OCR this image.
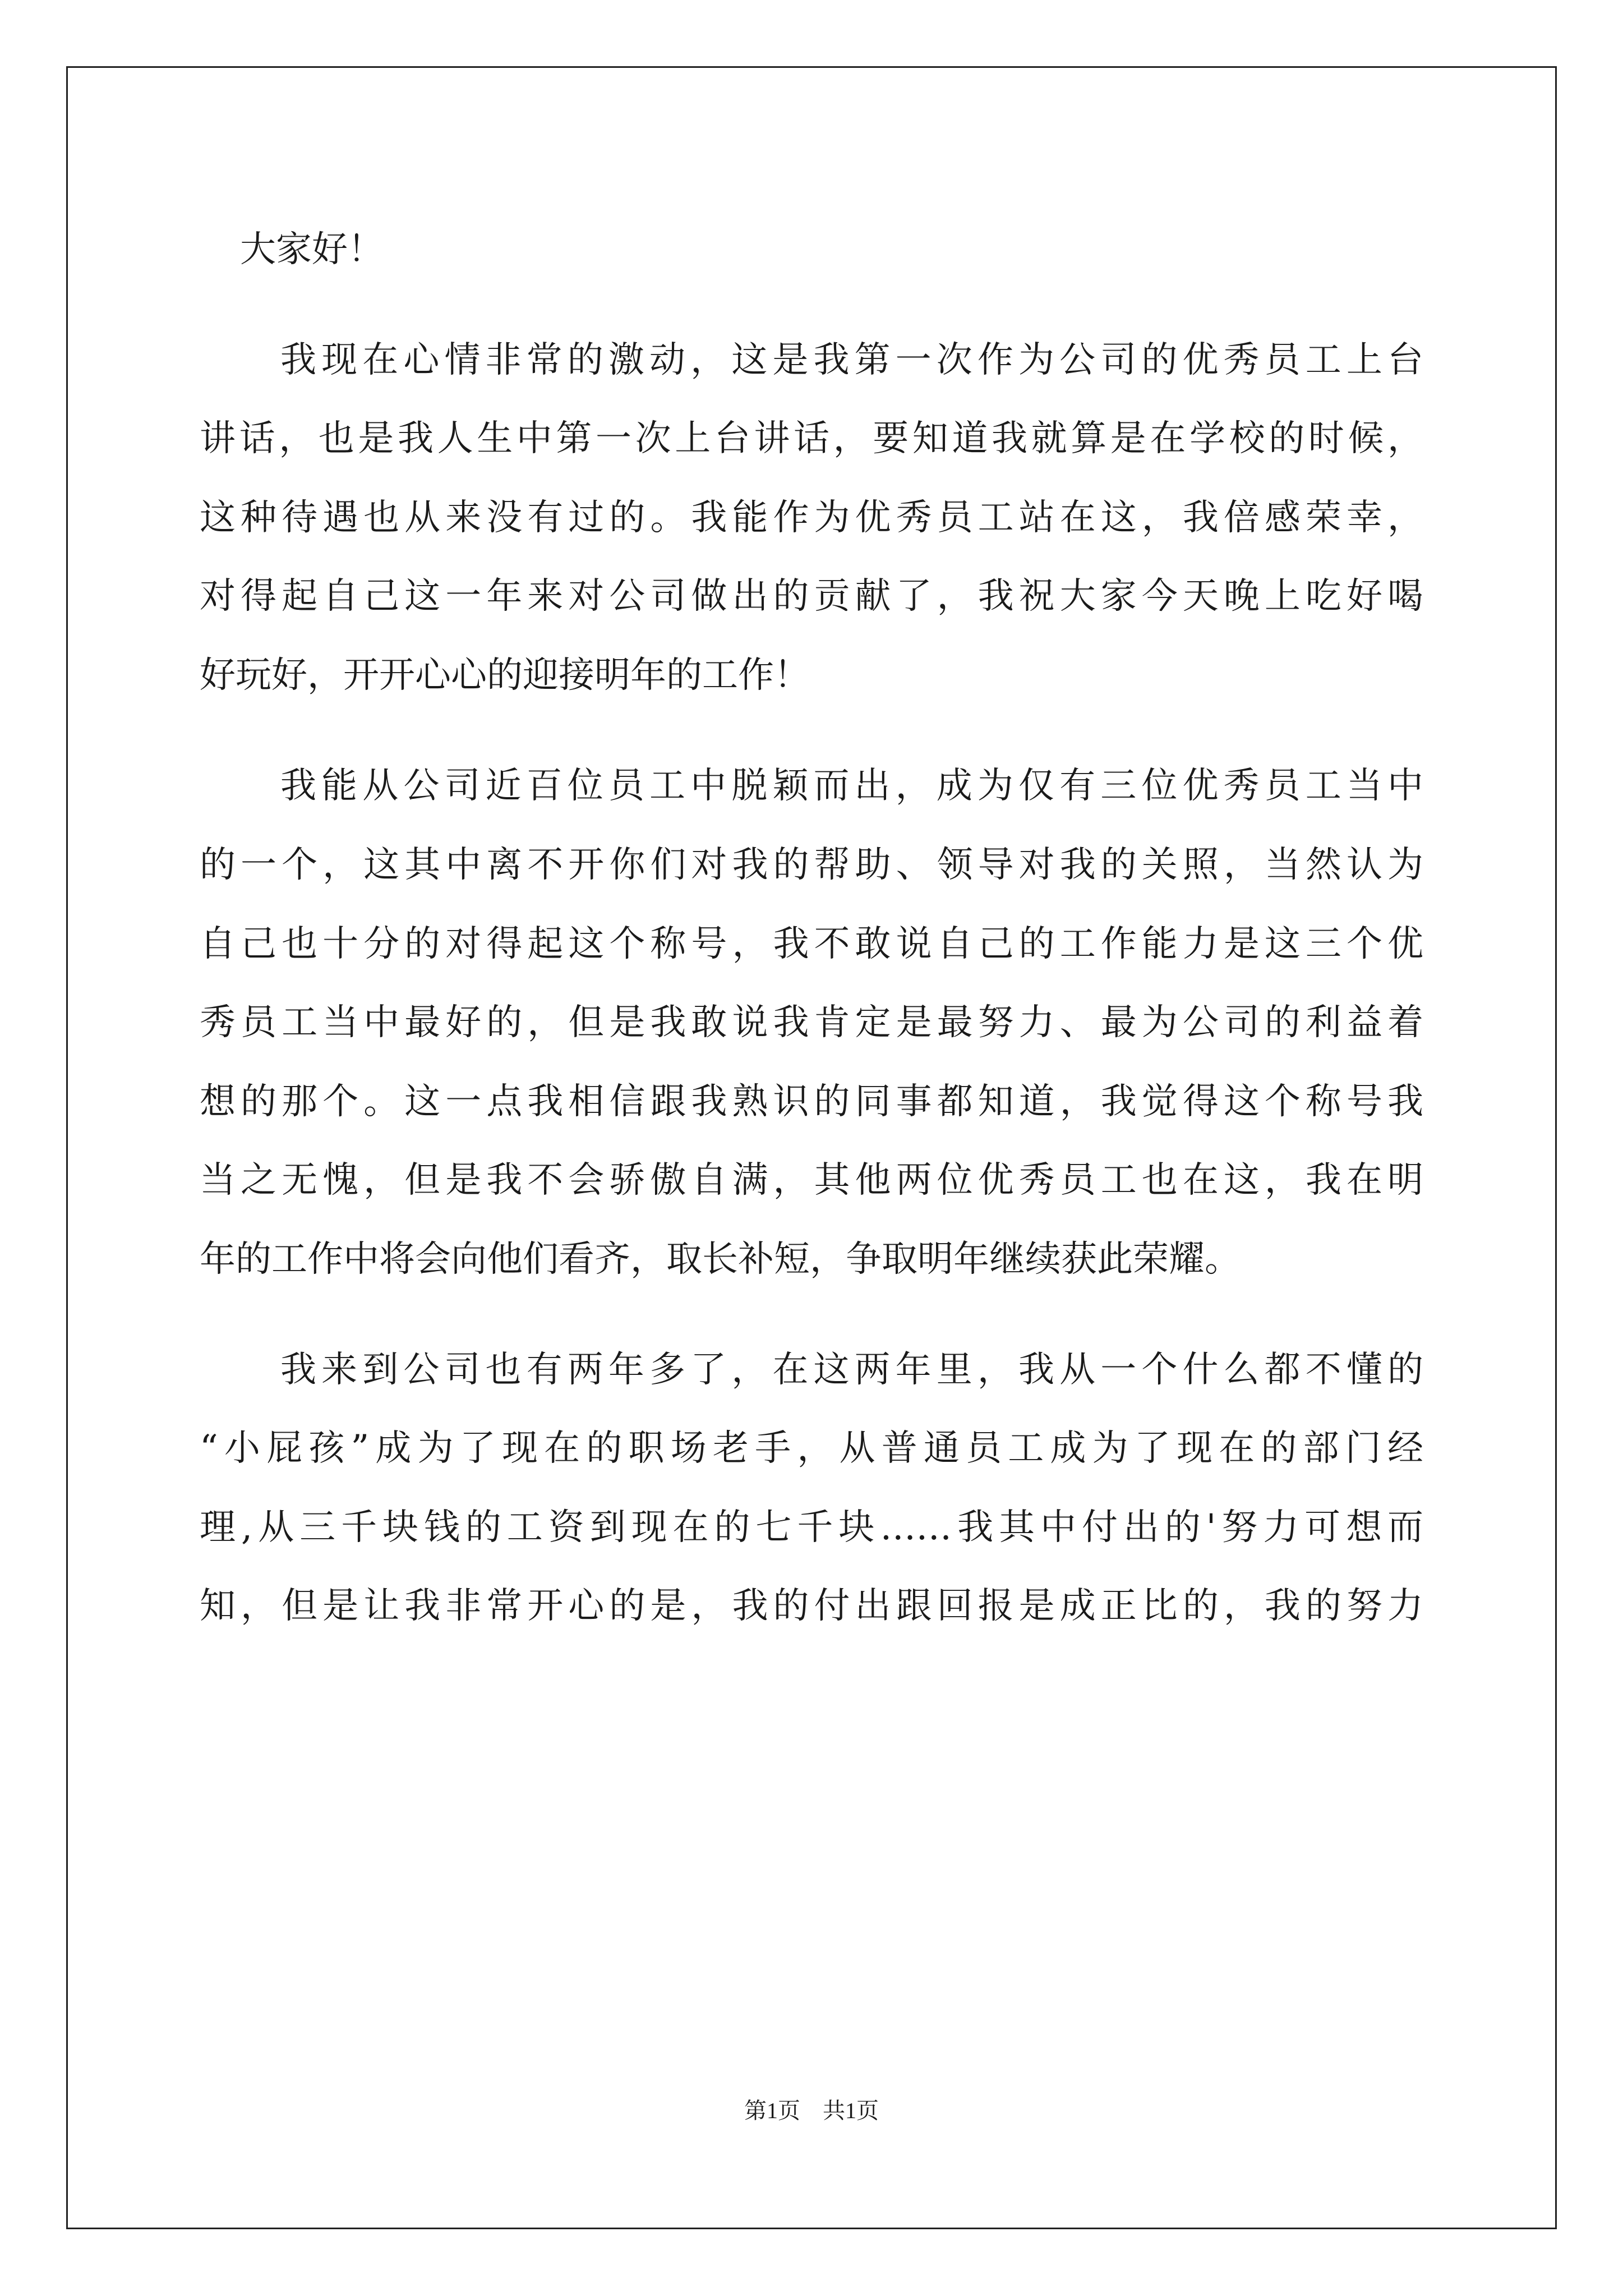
大家好！
我现在心情非常的激动，这是我第一次作为公司的优秀员工上台
讲话，也是我人生中第一次上台讲话，要知道我就算是在学校的时候，
这种待遇也从来没有过的。我能作为优秀员工站在这，我倍感荣幸，
对得起自己这一年来对公司做出的贡献了，我祝大家今天晚上吃好喝
好玩好，开开心心的迎接明年的工作！
我能从公司近百位员工中脱颖而出，成为仅有三位优秀员工当中
的一个，这其中离不开你们对我的帮助、领导对我的关照，当然认为
自己也十分的对得起这个称号，我不敢说自己的工作能力是这三个优
秀员工当中最好的，但是我敢说我肯定是最努力、最为公司的利益着
想的那个。这一点我相信跟我熟识的同事都知道，我觉得这个称号我
当之无愧，但是我不会骄傲自满，其他两位优秀员工也在这，我在明
年的工作中将会向他们看齐，取长补短，争取明年继续获此荣耀。
我来到公司也有两年多了，在这两年里，我从一个什么都不懂的
“小屁孩”成为了现在的职场老手，从普通员工成为了现在的部门经
理,从三千块钱的工资到现在的七千块……我其中付出的'努力可想而
知，但是让我非常开心的是，我的付出跟回报是成正比的，我的努力
第1页 共1页
